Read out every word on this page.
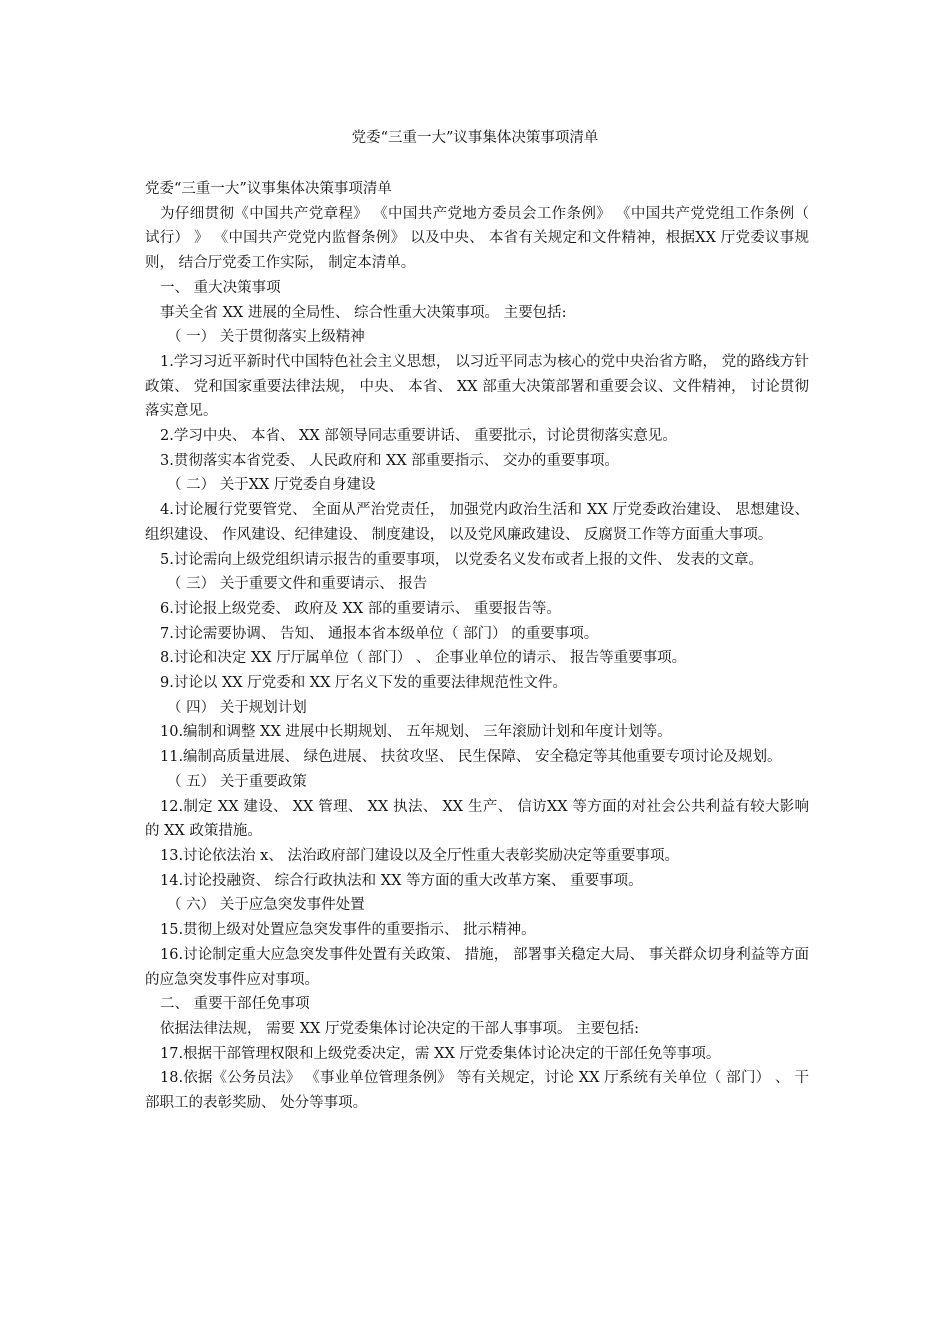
党委“三重一大”议事集体决策事项清单

党委“三重一大”议事集体决策事项清单

为仔细贯彻《中国共产党章程》 《中国共产党地方委员会工作条例》 《中国共产党党组工作条例（ 试行） 》 《中国共产党党内监督条例》 以及中央、 本省有关规定和文件精神，根据XX 厅党委议事规则， 结合厅党委工作实际， 制定本清单。

一、 重大决策事项

事关全省 XX 进展的全局性、 综合性重大决策事项。 主要包括:

（ 一） 关于贯彻落实上级精神

1.学习习近平新时代中国特色社会主义思想， 以习近平同志为核心的党中央治省方略， 党的路线方针政策、 党和国家重要法律法规， 中央、 本省、 XX 部重大决策部署和重要会议、文件精神， 讨论贯彻落实意见。

2.学习中央、 本省、 XX 部领导同志重要讲话、 重要批示，讨论贯彻落实意见。

3.贯彻落实本省党委、 人民政府和 XX 部重要指示、 交办的重要事项。

（ 二） 关于XX 厅党委自身建设

4.讨论履行党要管党、 全面从严治党责任， 加强党内政治生活和 XX 厅党委政治建设、 思想建设、 组织建设、 作风建设、纪律建设、 制度建设， 以及党风廉政建设、 反腐贤工作等方面重大事项。

5.讨论需向上级党组织请示报告的重要事项， 以党委名义发布或者上报的文件、 发表的文章。

（ 三） 关于重要文件和重要请示、 报告

6.讨论报上级党委、 政府及 XX 部的重要请示、 重要报告等。

7.讨论需要协调、 告知、 通报本省本级单位（ 部门） 的重要事项。

8.讨论和决定 XX 厅厅属单位（ 部门） 、 企事业单位的请示、 报告等重要事项。

9.讨论以 XX 厅党委和 XX 厅名义下发的重要法律规范性文件。

（ 四） 关于规划计划

10.编制和调整 XX 进展中长期规划、 五年规划、 三年滚励计划和年度计划等。

11.编制高质量进展、 绿色进展、 扶贫攻坚、 民生保障、 安全稳定等其他重要专项讨论及规划。

（ 五） 关于重要政策

12.制定 XX 建设、 XX 管理、 XX 执法、 XX 生产、 信访XX 等方面的对社会公共利益有较大影响的 XX 政策措施。

13.讨论依法治 x、 法治政府部门建设以及全厅性重大表彰奖励决定等重要事项。

14.讨论投融资、 综合行政执法和 XX 等方面的重大改革方案、 重要事项。

（ 六） 关于应急突发事件处置

15.贯彻上级对处置应急突发事件的重要指示、 批示精神。

16.讨论制定重大应急突发事件处置有关政策、 措施， 部署事关稳定大局、 事关群众切身利益等方面的应急突发事件应对事项。

二、 重要干部任免事项

依据法律法规， 需要 XX 厅党委集体讨论决定的干部人事事项。 主要包括:

17.根据干部管理权限和上级党委决定，需 XX 厅党委集体讨论决定的干部任免等事项。

18.依据《公务员法》 《事业单位管理条例》 等有关规定，讨论 XX 厅系统有关单位（ 部门） 、 干部职工的表彰奖励、 处分等事项。
